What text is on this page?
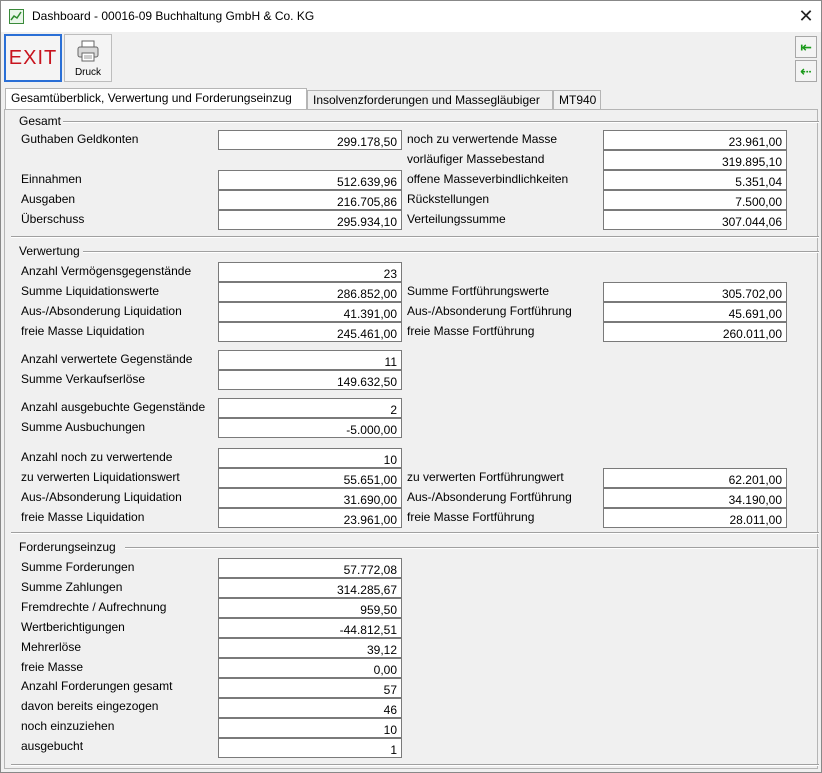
Dashboard - 00016-09 Buchhaltung GmbH & Co. KG	✕
EXIT
Druck
⇤
⇠
Gesamtüberblick, Verwertung und Forderungseinzug	Insolvenzforderungen und Massegläubiger	MT940
Gesamt
Guthaben Geldkonten	299.178,50
Einnahmen	512.639,96
Ausgaben	216.705,86
Überschuss	295.934,10
noch zu verwertende Masse	23.961,00
vorläufiger Massebestand	319.895,10
offene Masseverbindlichkeiten	5.351,04
Rückstellungen	7.500,00
Verteilungssumme	307.044,06
Verwertung
Anzahl Vermögensgegenstände	23
Summe Liquidationswerte	286.852,00
Aus-/Absonderung Liquidation	41.391,00
freie Masse Liquidation	245.461,00
Anzahl verwertete Gegenstände	11
Summe Verkaufserlöse	149.632,50
Anzahl ausgebuchte Gegenstände	2
Summe Ausbuchungen	-5.000,00
Anzahl noch zu verwertende	10
zu verwerten Liquidationswert	55.651,00
Aus-/Absonderung Liquidation	31.690,00
freie Masse Liquidation	23.961,00
Summe Fortführungswerte	305.702,00
Aus-/Absonderung Fortführung	45.691,00
freie Masse Fortführung	260.011,00
zu verwerten Fortführungwert	62.201,00
Aus-/Absonderung Fortführung	34.190,00
freie Masse Fortführung	28.011,00
Forderungseinzug
Summe Forderungen	57.772,08
Summe Zahlungen	314.285,67
Fremdrechte / Aufrechnung	959,50
Wertberichtigungen	-44.812,51
Mehrerlöse	39,12
freie Masse	0,00
Anzahl Forderungen gesamt	57
davon bereits eingezogen	46
noch einzuziehen	10
ausgebucht	1
